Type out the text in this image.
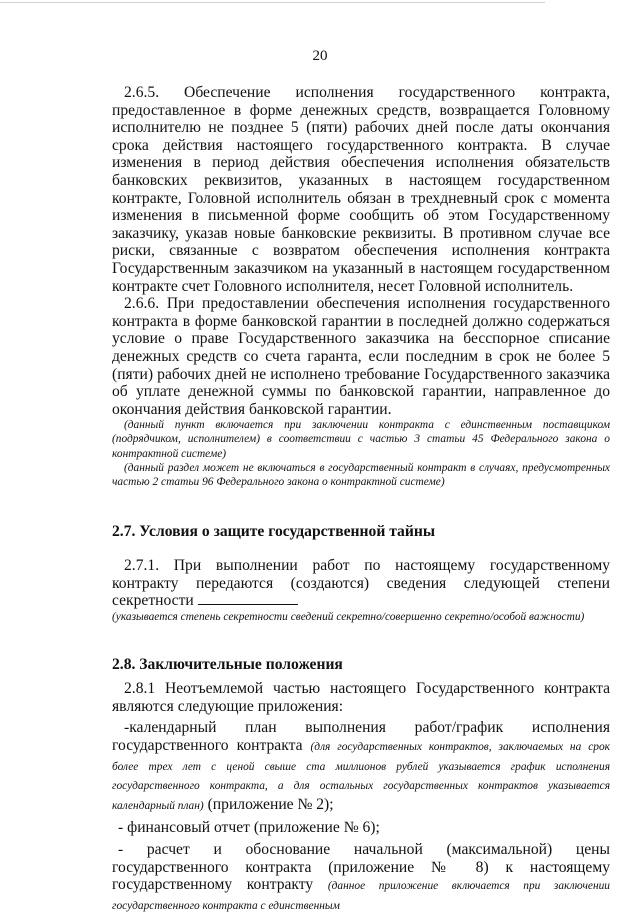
20

2.6.5. Обеспечение исполнения государственного контракта, предоставленное в форме денежных средств, возвращается Головному исполнителю не позднее 5 (пяти) рабочих дней после даты окончания срока действия настоящего государственного контракта. В случае изменения в период действия обеспечения исполнения обязательств банковских реквизитов, указанных в настоящем государственном контракте, Головной исполнитель обязан в трехдневный срок с момента изменения в письменной форме сообщить об этом Государственному заказчику, указав новые банковские реквизиты. В противном случае все риски, связанные с возвратом обеспечения исполнения контракта Государственным заказчиком на указанный в настоящем государственном контракте счет Головного исполнителя, несет Головной исполнитель.

2.6.6. При предоставлении обеспечения исполнения государственного контракта в форме банковской гарантии в последней должно содержаться условие о праве Государственного заказчика на бесспорное списание денежных средств со счета гаранта, если последним в срок не более 5 (пяти) рабочих дней не исполнено требование Государственного заказчика об уплате денежной суммы по банковской гарантии, направленное до окончания действия банковской гарантии.

(данный пункт включается при заключении контракта с единственным поставщиком (подрядчиком, исполнителем) в соответствии с частью 3 статьи 45 Федерального закона о контрактной системе)

(данный раздел может не включаться в государственный контракт в случаях, предусмотренных частью 2 статьи 96 Федерального закона о контрактной системе)

2.7. Условия о защите государственной тайны

2.7.1. При выполнении работ по настоящему государственному контракту передаются (создаются) сведения следующей степени секретности

(указывается степень секретности сведений секретно/совершенно секретно/особой важности)

2.8. Заключительные положения

2.8.1 Неотъемлемой частью настоящего Государственного контракта являются следующие приложения:

-календарный план выполнения работ/график исполнения государственного контракта (для государственных контрактов, заключаемых на срок более трех лет с ценой свыше ста миллионов рублей указывается график исполнения государственного контракта, а для остальных государственных контрактов указывается календарный план) (приложение № 2);

- финансовый отчет (приложение № 6);

- расчет и обоснование начальной (максимальной) цены государственного контракта (приложение № 8) к настоящему государственному контракту (данное приложение включается при заключении государственного контракта с единственным
